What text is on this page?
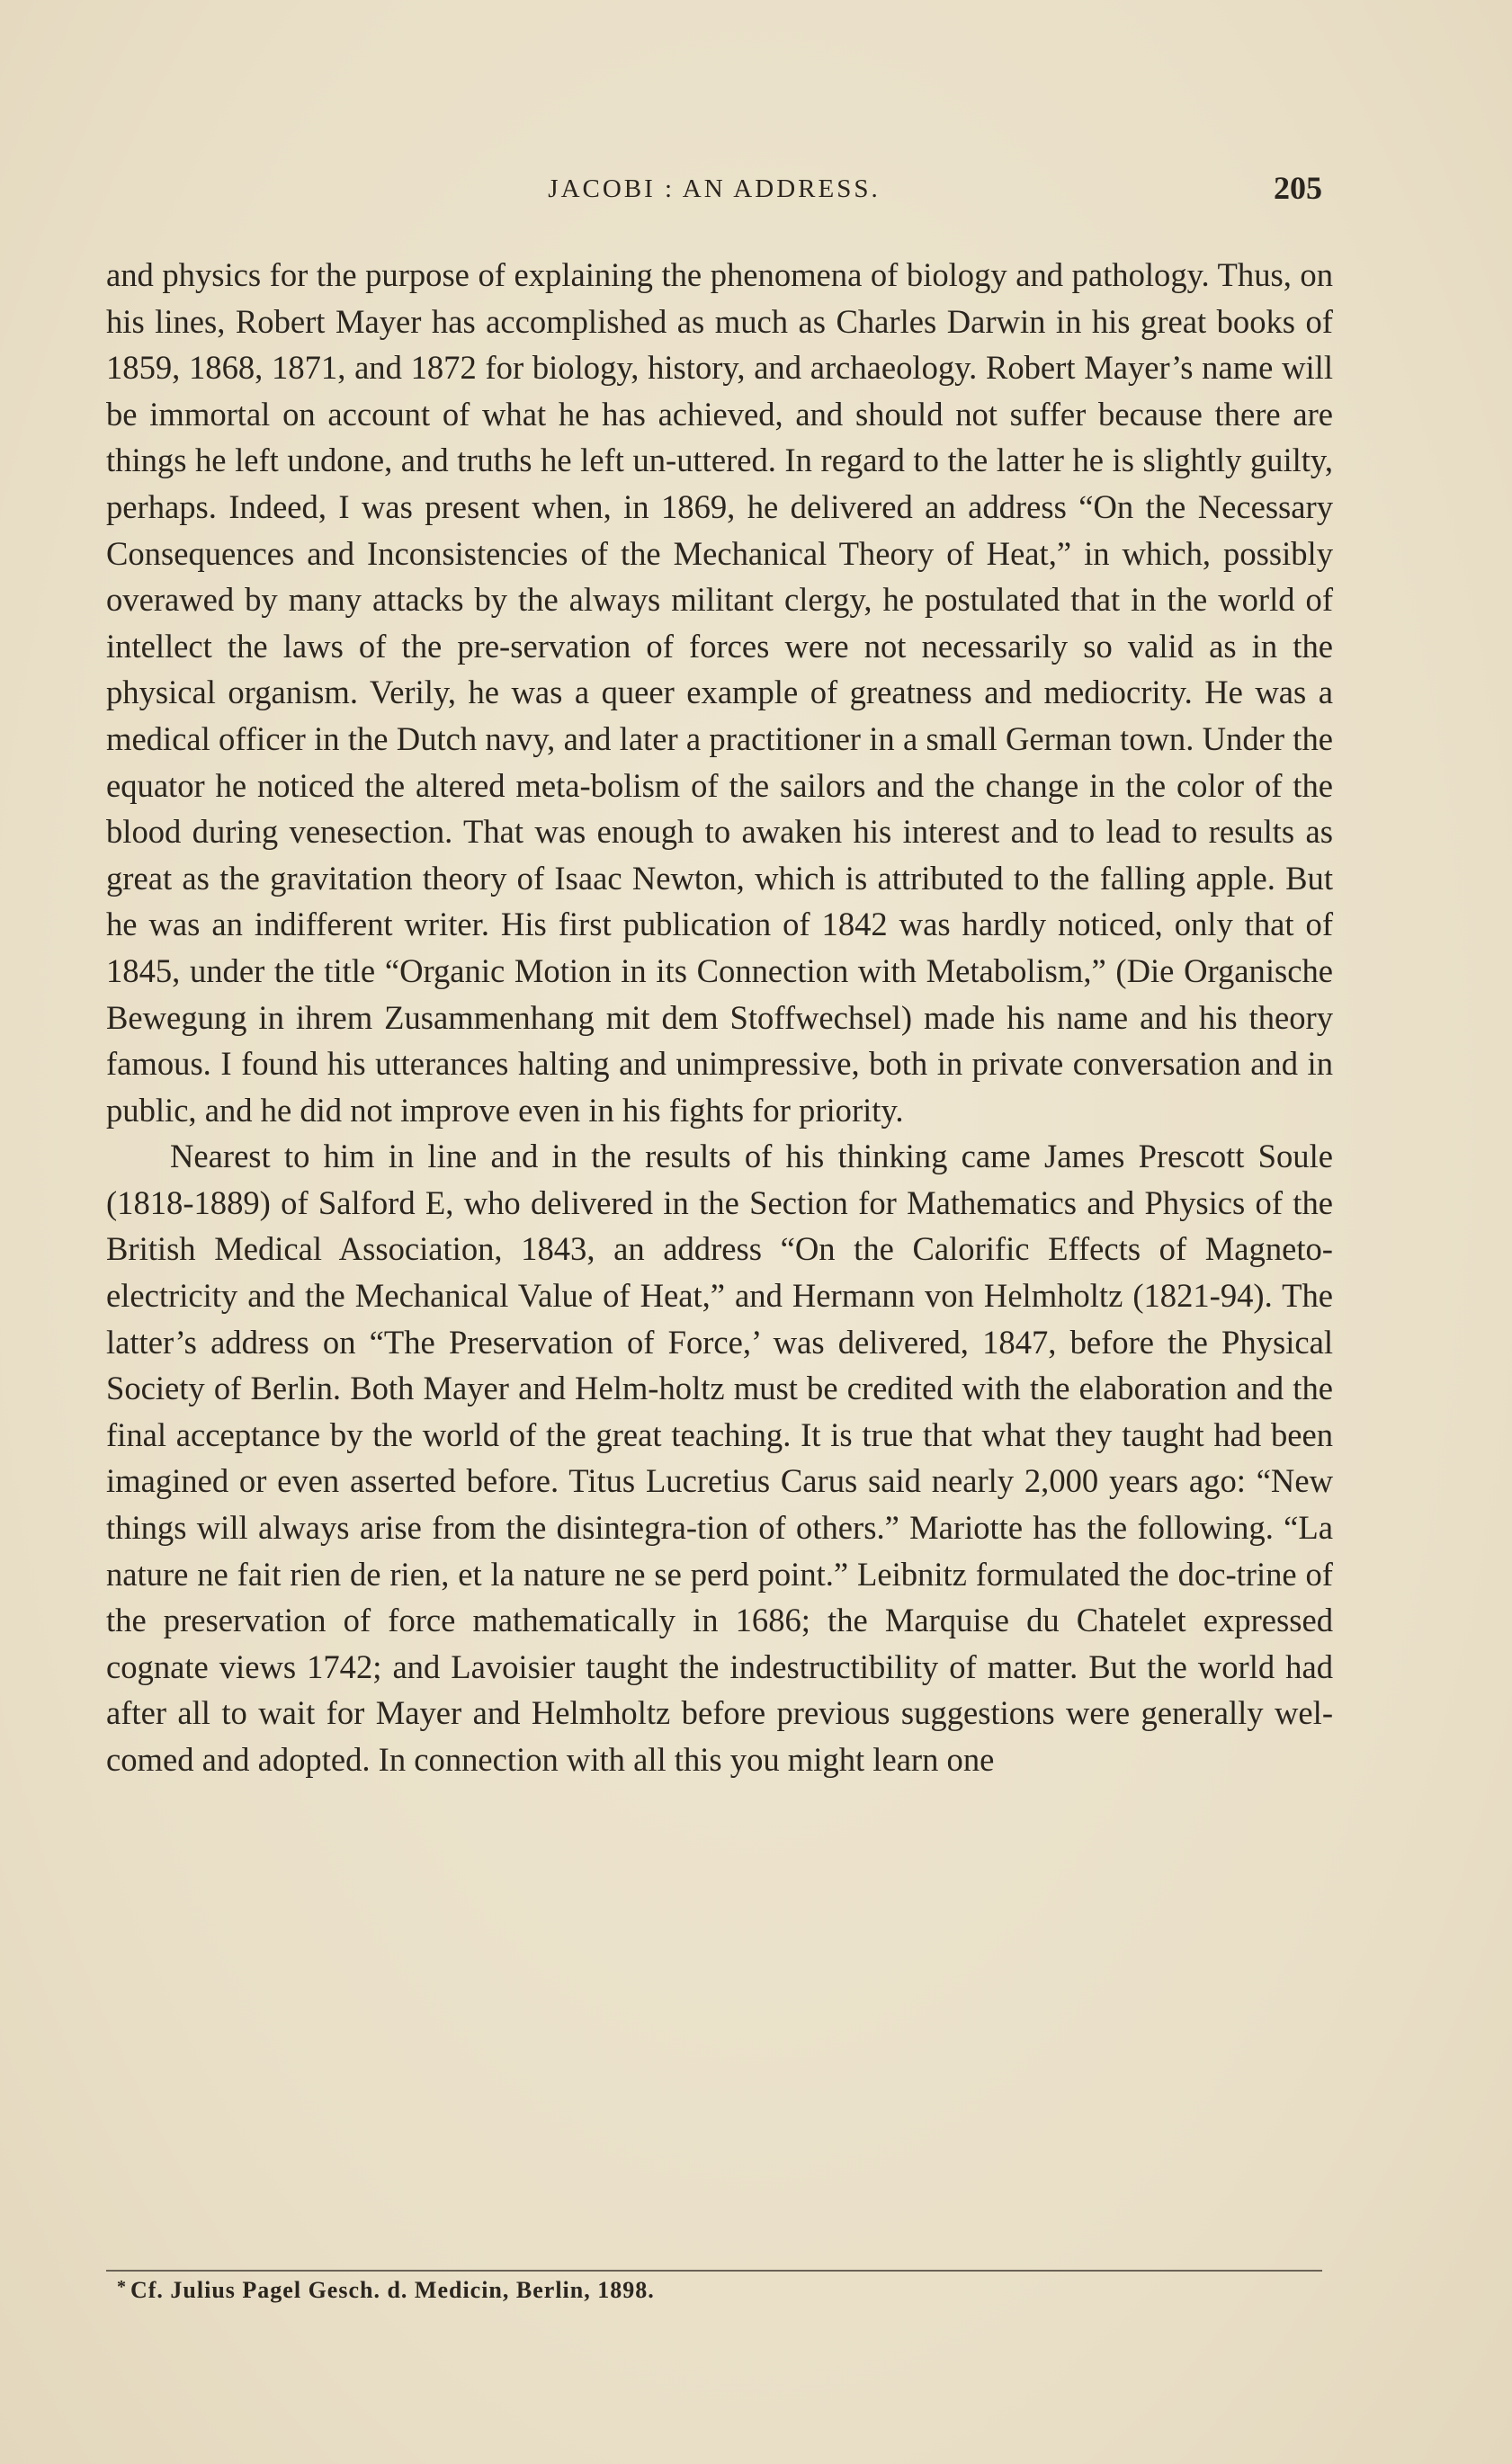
JACOBI : AN ADDRESS.	205

and physics for the purpose of explaining the phenomena of biology and pathology. Thus, on his lines, Robert Mayer has accomplished as much as Charles Darwin in his great books of 1859, 1868, 1871, and 1872 for biology, history, and archaeology. Robert Mayer’s name will be immortal on account of what he has achieved, and should not suffer because there are things he left undone, and truths he left un-uttered. In regard to the latter he is slightly guilty, perhaps. Indeed, I was present when, in 1869, he delivered an address “On the Necessary Consequences and Inconsistencies of the Mechanical Theory of Heat,” in which, possibly overawed by many attacks by the always militant clergy, he postulated that in the world of intellect the laws of the pre-servation of forces were not necessarily so valid as in the physical organism. Verily, he was a queer example of greatness and mediocrity. He was a medical officer in the Dutch navy, and later a practitioner in a small German town. Under the equator he noticed the altered meta-bolism of the sailors and the change in the color of the blood during venesection. That was enough to awaken his interest and to lead to results as great as the gravitation theory of Isaac Newton, which is attributed to the falling apple. But he was an indifferent writer. His first publication of 1842 was hardly noticed, only that of 1845, under the title “Organic Motion in its Connection with Metabolism,” (Die Organische Bewegung in ihrem Zusammenhang mit dem Stoffwechsel) made his name and his theory famous. I found his utterances halting and unimpressive, both in private conversation and in public, and he did not improve even in his fights for priority.

Nearest to him in line and in the results of his thinking came James Prescott Soule (1818-1889) of Salford E, who delivered in the Section for Mathematics and Physics of the British Medical Association, 1843, an address “On the Calorific Effects of Magneto-electricity and the Mechanical Value of Heat,” and Hermann von Helmholtz (1821-94). The latter’s address on “The Preservation of Force,’ was delivered, 1847, before the Physical Society of Berlin. Both Mayer and Helm-holtz must be credited with the elaboration and the final acceptance by the world of the great teaching. It is true that what they taught had been imagined or even asserted before. Titus Lucretius Carus said nearly 2,000 years ago: “New things will always arise from the disintegra-tion of others.” Mariotte has the following. “La nature ne fait rien de rien, et la nature ne se perd point.” Leibnitz formulated the doc-trine of the preservation of force mathematically in 1686; the Marquise du Chatelet expressed cognate views 1742; and Lavoisier taught the indestructibility of matter. But the world had after all to wait for Mayer and Helmholtz before previous suggestions were generally wel-comed and adopted. In connection with all this you might learn one

* Cf. Julius Pagel Gesch. d. Medicin, Berlin, 1898.
